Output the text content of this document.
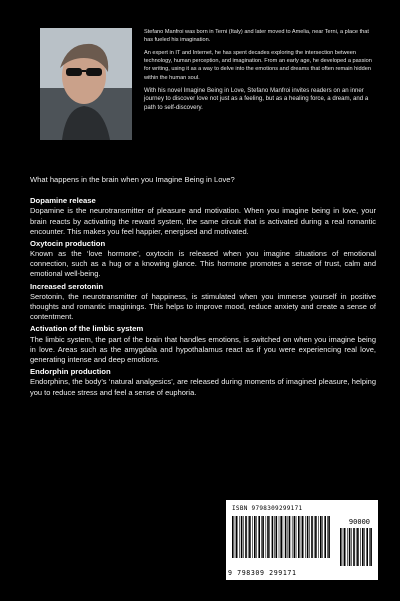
Stefano Manfroi was born in Terni (Italy) and later moved to Amelia, near Terni, a place that has fueled his imagination.

An expert in IT and Internet, he has spent decades exploring the intersection between technology, human perception, and imagination. From an early age, he developed a passion for writing, using it as a way to delve into the emotions and dreams that often remain hidden within the human soul.

With his novel Imagine Being in Love, Stefano Manfroi invites readers on an inner journey to discover love not just as a feeling, but as a healing force, a dream, and a path to self-discovery.

What happens in the brain when you Imagine Being in Love?
Dopamine release

Dopamine is the neurotransmitter of pleasure and motivation. When you imagine being in love, your brain reacts by activating the reward system, the same circuit that is activated during a real romantic encounter. This makes you feel happier, energised and motivated.

Oxytocin production

Known as the ‘love hormone’, oxytocin is released when you imagine situations of emotional connection, such as a hug or a knowing glance. This hormone promotes a sense of trust, calm and emotional well-being.

Increased serotonin

Serotonin, the neurotransmitter of happiness, is stimulated when you immerse yourself in positive thoughts and romantic imaginings. This helps to improve mood, reduce anxiety and create a sense of contentment.

Activation of the limbic system

The limbic system, the part of the brain that handles emotions, is switched on when you imagine being in love. Areas such as the amygdala and hypothalamus react as if you were experiencing real love, generating intense and deep emotions.

Endorphin production

Endorphins, the body’s ‘natural analgesics’, are released during moments of imagined pleasure, helping you to reduce stress and feel a sense of euphoria.

ISBN 9798309299171
90000
9 798309 299171
